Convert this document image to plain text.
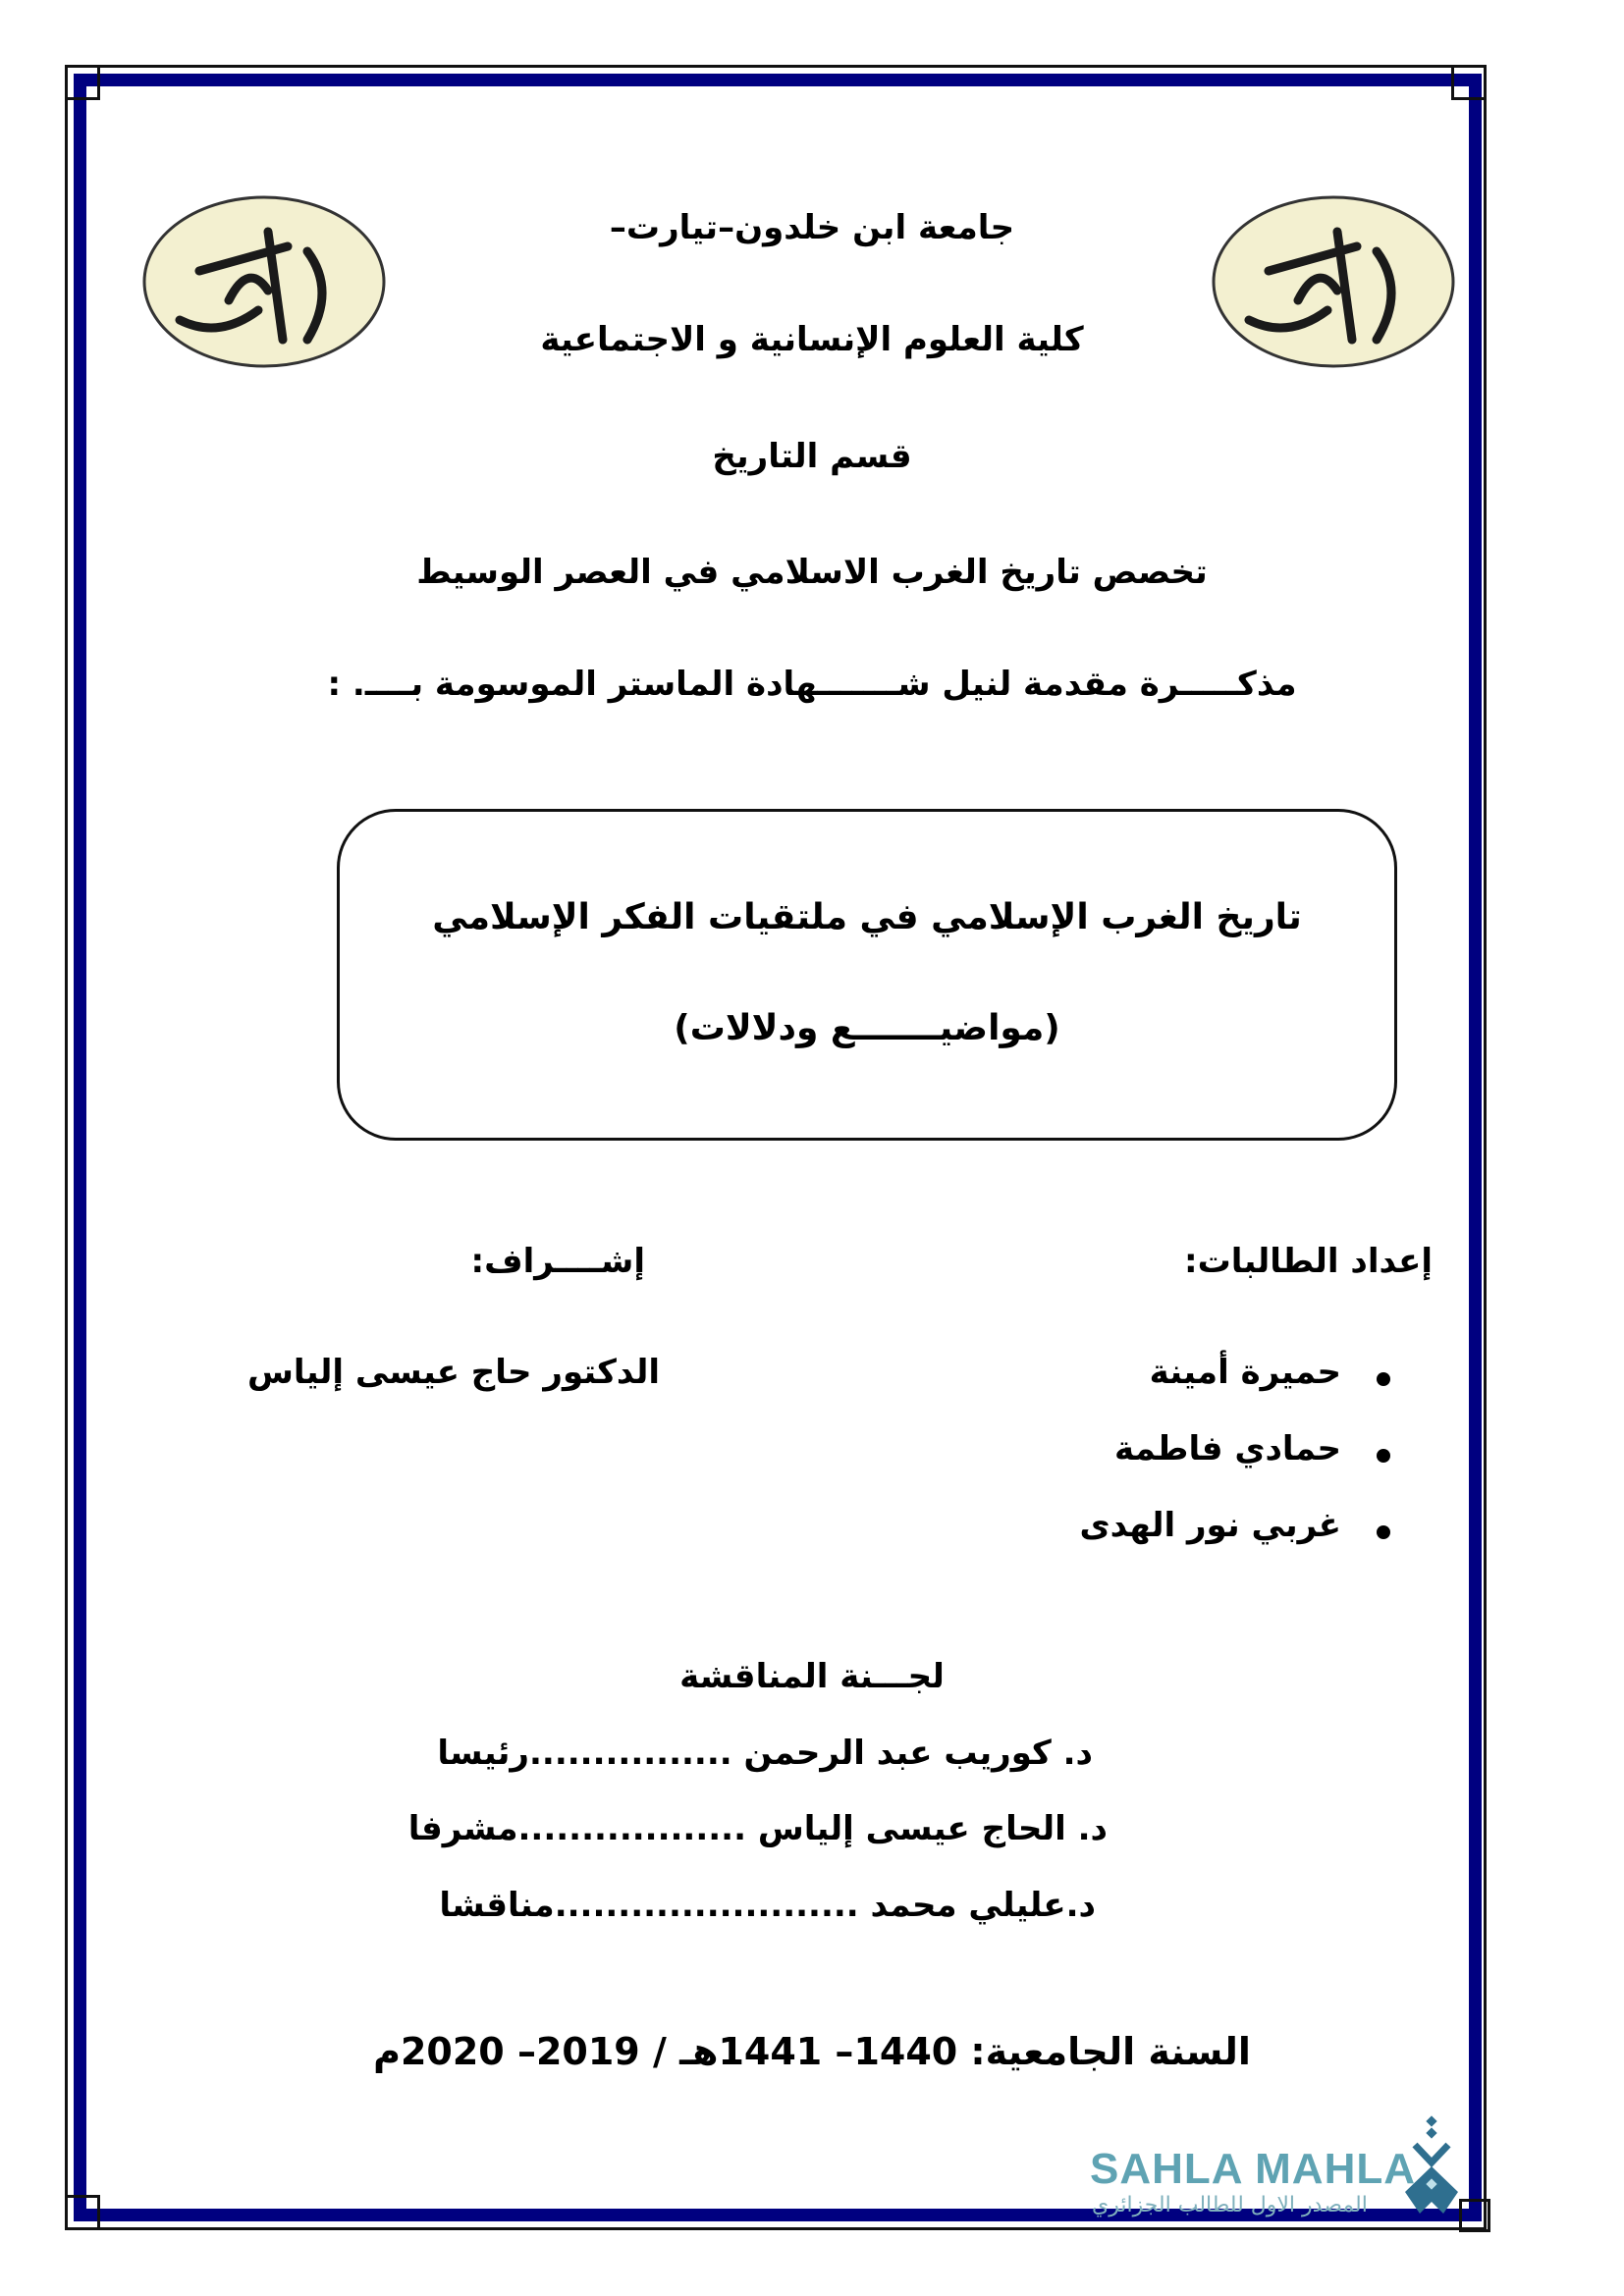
جامعة ابن خلدون–تيارت–
كلية العلوم الإنسانية و الاجتماعية
قسم التاريخ
تخصص تاريخ الغرب الاسلامي في العصر الوسيط
مذكـــــرة مقدمة لنيل شـــــــهادة الماستر الموسومة بــــ. :
تاريخ الغرب الإسلامي في ملتقيات الفكر الإسلامي
(مواضيـــــــع ودلالات)
إعداد الطالبات:
حميرة أمينة
حمادي فاطمة
غربي نور الهدى
إشــــراف:
الدكتور حاج عيسى إلياس
لجـــنة المناقشة
د. كوريب عبد الرحمن ................رئيسا
د. الحاج عيسى إلياس ..................مشرفا
د.عليلي محمد ........................مناقشا
السنة الجامعية: 1440– 1441هـ / 2019– 2020م
SAHLA MAHLA
المصدر الاول للطالب الجزائري
